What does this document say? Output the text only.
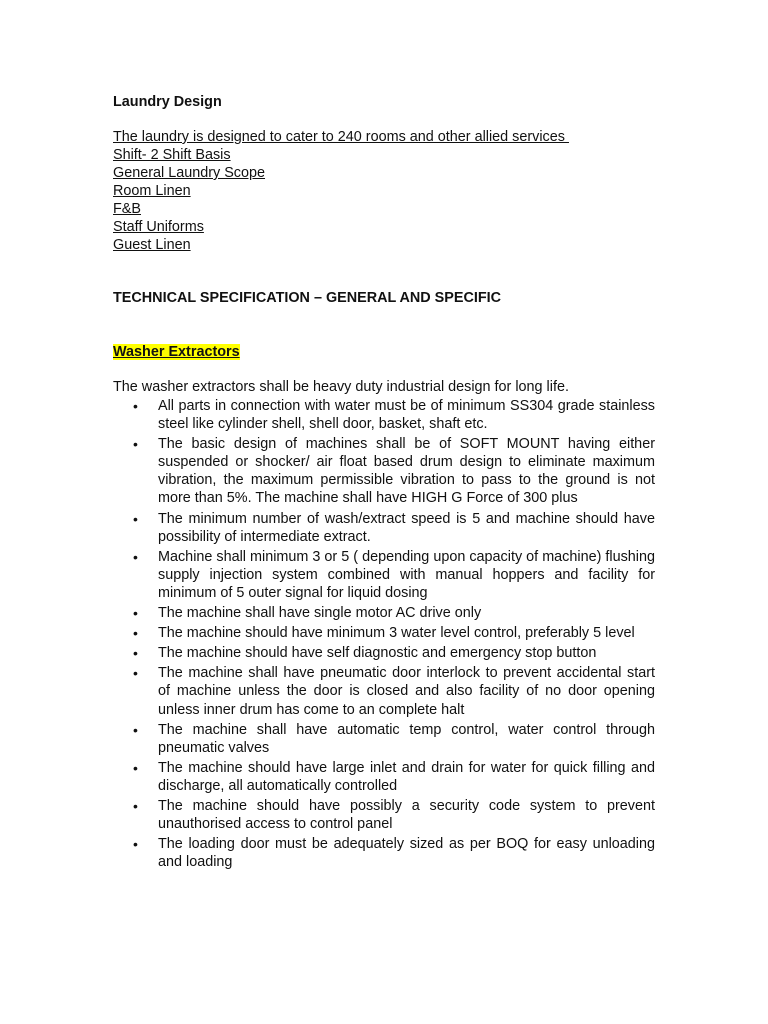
Laundry Design
The laundry is designed to cater to 240 rooms and other allied services
Shift- 2 Shift Basis
General Laundry Scope
Room Linen
F&B
Staff Uniforms
Guest Linen
TECHNICAL SPECIFICATION – GENERAL AND SPECIFIC
Washer Extractors
The washer extractors shall be heavy duty industrial design for long life.
• All parts in connection with water must be of minimum SS304 grade stainless steel like cylinder shell, shell door, basket, shaft etc.
• The basic design of machines shall be of SOFT MOUNT having either suspended or shocker/ air float based drum design to eliminate maximum vibration, the maximum permissible vibration to pass to the ground is not more than 5%. The machine shall have HIGH G Force of 300 plus
• The minimum number of wash/extract speed is 5 and machine should have possibility of intermediate extract.
• Machine shall minimum 3 or 5 ( depending upon capacity of machine) flushing supply injection system combined with manual hoppers and facility for minimum of 5 outer signal for liquid dosing
• The machine shall have single motor AC drive only
• The machine should have minimum 3 water level control, preferably 5 level
• The machine should have self diagnostic and emergency stop button
• The machine shall have pneumatic door interlock to prevent accidental start of machine unless the door is closed and also facility of no door opening unless inner drum has come to an complete halt
• The machine shall have automatic temp control, water control through pneumatic valves
• The machine should have large inlet and drain for water for quick filling and discharge, all automatically controlled
• The machine should have possibly a security code system to prevent unauthorised access to control panel
• The loading door must be adequately sized as per BOQ for easy unloading and loading
